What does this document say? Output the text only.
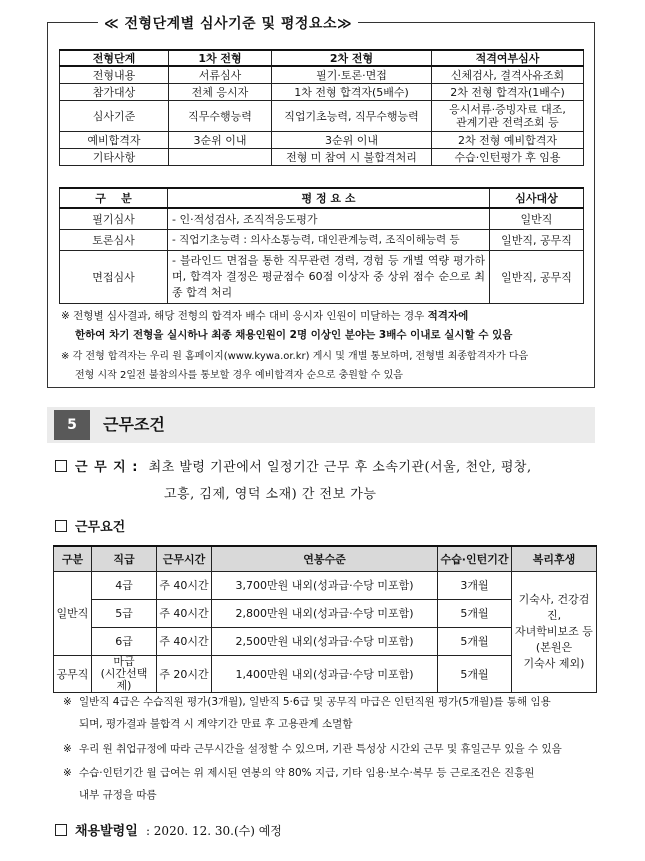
≪ 전형단계별 심사기준 및 평정요소≫
전형단계	1차 전형	2차 전형	적격여부심사
전형내용	서류심사	필기·토론·면접	신체검사, 결격사유조회
참가대상	전체 응시자	1차 전형 합격자(5배수)	2차 전형 합격자(1배수)
심사기준	직무수행능력	직업기초능력, 직무수행능력	응시서류·증빙자료 대조,
관계기관 전력조회 등
예비합격자	3순위 이내	3순위 이내	2차 전형 예비합격자
기타사항		전형 미 참여 시 불합격처리	수습·인턴평가 후 임용
구    분	평 정 요 소	심사대상
필기심사	- 인·적성검사, 조직적응도평가	일반직
토론심사	- 직업기초능력 : 의사소통능력, 대인관계능력, 조직이해능력 등	일반직, 공무직
면접심사	- 블라인드 면접을 통한 직무관련 경력, 경험 등 개별 역량 평가하며, 합격자 결정은 평균점수 60점 이상자 중 상위 점수 순으로 최종 합격 처리	일반직, 공무직
※ 전형별 심사결과, 해당 전형의 합격자 배수 대비 응시자 인원이 미달하는 경우 적격자에
한하여 차기 전형을 실시하나 최종 채용인원이 2명 이상인 분야는 3배수 이내로 실시할 수 있음
※ 각 전형 합격자는 우리 원 홈페이지(www.kywa.or.kr) 게시 및 개별 통보하며, 전형별 최종합격자가 다음
전형 시작 2일전 불참의사를 통보할 경우 예비합격자 순으로 충원할 수 있음
5	근무조건
근 무 지 : 최초 발령 기관에서 일정기간 근무 후 소속기관(서울, 천안, 평창,
고흥, 김제, 영덕 소재) 간 전보 가능
근무요건
구분	직급	근무시간	연봉수준	수습·인턴기간	복리후생
일반직	4급	주 40시간	3,700만원 내외(성과급·수당 미포함)	3개월	기숙사, 건강검진,
자녀학비보조 등
(본원은
기숙사 제외)
	5급	주 40시간	2,800만원 내외(성과급·수당 미포함)	5개월	
	6급	주 40시간	2,500만원 내외(성과급·수당 미포함)	5개월	
공무직	마급
(시간선택제)	주 20시간	1,400만원 내외(성과급·수당 미포함)	5개월	
※ 일반직 4급은 수습직원 평가(3개월), 일반직 5·6급 및 공무직 마급은 인턴직원 평가(5개월)를 통해 임용
되며, 평가결과 불합격 시 계약기간 만료 후 고용관계 소멸함
※ 우리 원 취업규정에 따라 근무시간을 설정할 수 있으며, 기관 특성상 시간외 근무 및 휴일근무 있을 수 있음
※ 수습·인턴기간 월 급여는 위 제시된 연봉의 약 80% 지급, 기타 임용·보수·복무 등 근로조건은 진흥원
내부 규정을 따름
채용발령일 : 2020. 12. 30.(수) 예정
